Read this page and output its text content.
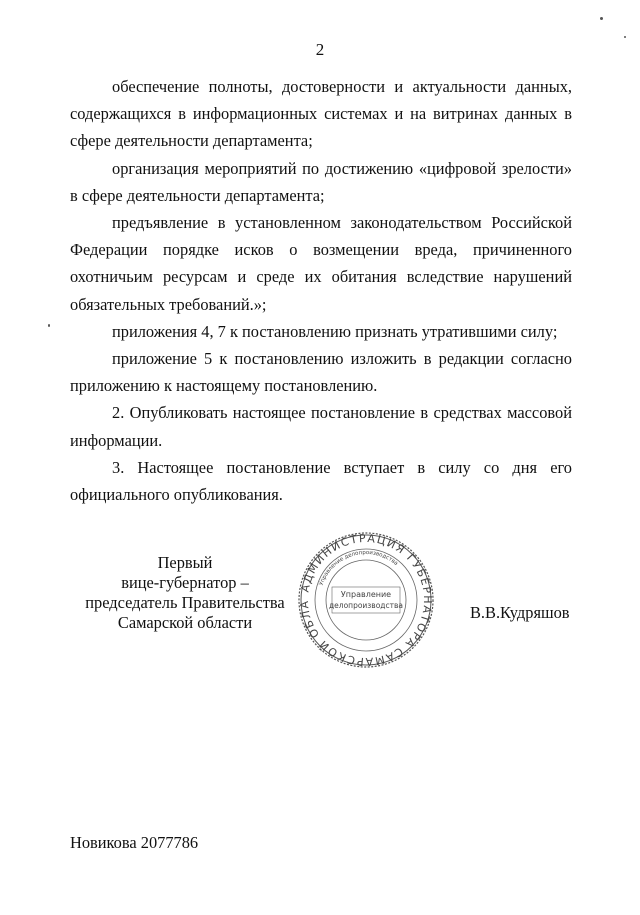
2

обеспечение полноты, достоверности и актуальности данных, содержащихся в информационных системах и на витринах данных в сфере деятельности департамента;

организация мероприятий по достижению «цифровой зрелости» в сфере деятельности департамента;

предъявление в установленном законодательством Российской Федерации порядке исков о возмещении вреда, причиненного охотничьим ресурсам и среде их обитания вследствие нарушений обязательных требований.»;

приложения 4, 7 к постановлению признать утратившими силу;

приложение 5 к постановлению изложить в редакции согласно приложению к настоящему постановлению.

2. Опубликовать настоящее постановление в средствах массовой информации.

3. Настоящее постановление вступает в силу со дня его официального опубликования.

Первый
вице-губернатор –
председатель Правительства
Самарской области
АДМИНИСТРАЦИЯ ГУБЕРНАТОРА САМАРСКОЙ ОБЛА
Управление делопроизводства
Управление
делопроизводства	В.В.Кудряшов
Новикова 2077786
